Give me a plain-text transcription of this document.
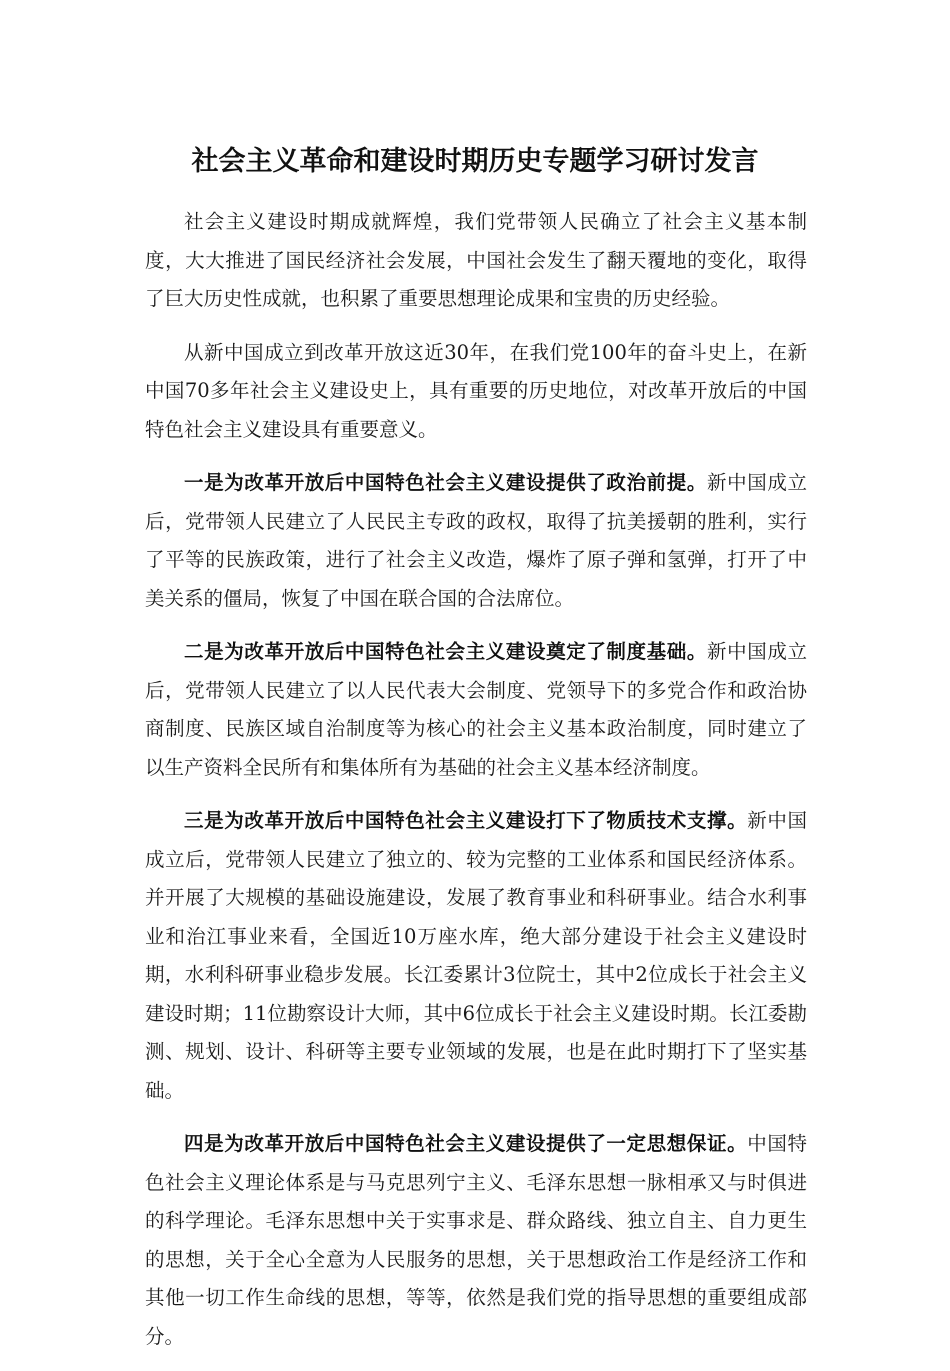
社会主义革命和建设时期历史专题学习研讨发言

社会主义建设时期成就辉煌，我们党带领人民确立了社会主义基本制度，大大推进了国民经济社会发展，中国社会发生了翻天覆地的变化，取得了巨大历史性成就，也积累了重要思想理论成果和宝贵的历史经验。

从新中国成立到改革开放这近30年，在我们党100年的奋斗史上，在新中国70多年社会主义建设史上，具有重要的历史地位，对改革开放后的中国特色社会主义建设具有重要意义。

一是为改革开放后中国特色社会主义建设提供了政治前提。新中国成立后，党带领人民建立了人民民主专政的政权，取得了抗美援朝的胜利，实行了平等的民族政策，进行了社会主义改造，爆炸了原子弹和氢弹，打开了中美关系的僵局，恢复了中国在联合国的合法席位。

二是为改革开放后中国特色社会主义建设奠定了制度基础。新中国成立后，党带领人民建立了以人民代表大会制度、党领导下的多党合作和政治协商制度、民族区域自治制度等为核心的社会主义基本政治制度，同时建立了以生产资料全民所有和集体所有为基础的社会主义基本经济制度。

三是为改革开放后中国特色社会主义建设打下了物质技术支撑。新中国成立后，党带领人民建立了独立的、较为完整的工业体系和国民经济体系。并开展了大规模的基础设施建设，发展了教育事业和科研事业。结合水利事业和治江事业来看，全国近10万座水库，绝大部分建设于社会主义建设时期，水利科研事业稳步发展。长江委累计3位院士，其中2位成长于社会主义建设时期；11位勘察设计大师，其中6位成长于社会主义建设时期。长江委勘测、规划、设计、科研等主要专业领域的发展，也是在此时期打下了坚实基础。

四是为改革开放后中国特色社会主义建设提供了一定思想保证。中国特色社会主义理论体系是与马克思列宁主义、毛泽东思想一脉相承又与时俱进的科学理论。毛泽东思想中关于实事求是、群众路线、独立自主、自力更生的思想，关于全心全意为人民服务的思想，关于思想政治工作是经济工作和其他一切工作生命线的思想，等等，依然是我们党的指导思想的重要组成部分。
